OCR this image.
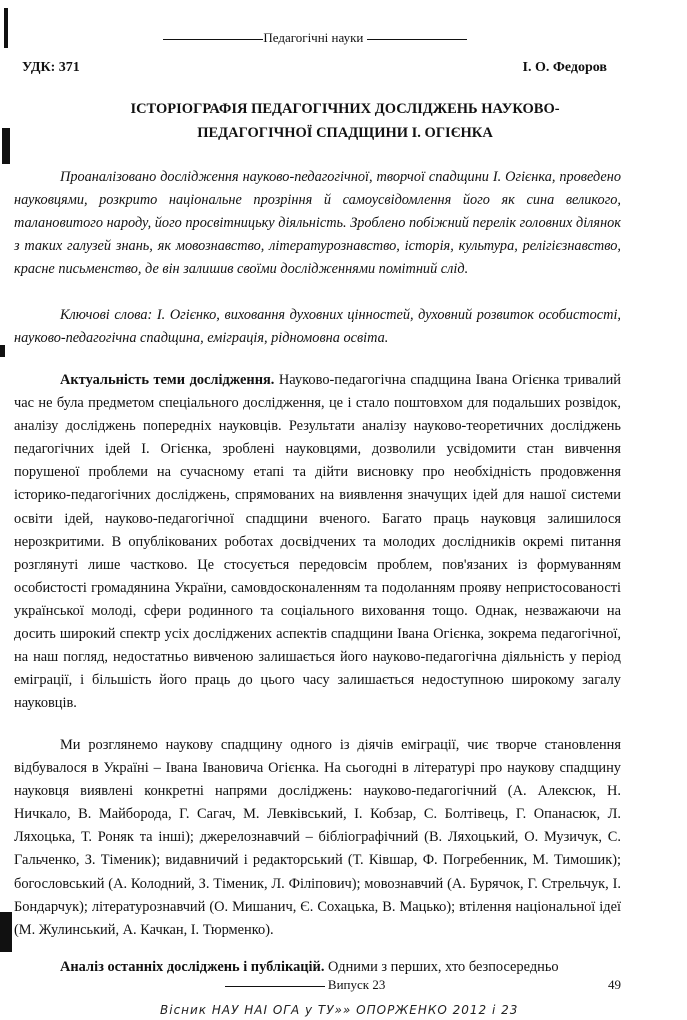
Педагогічні науки
УДК: 371	І. О. Федоров
ІСТОРІОГРАФІЯ ПЕДАГОГІЧНИХ ДОСЛІДЖЕНЬ НАУКОВО-
ПЕДАГОГІЧНОЇ СПАДЩИНИ І. ОГІЄНКА

Проаналізовано дослідження науково-педагогічної, творчої спадщини І. Огієнка, проведено науковцями, розкрито національне прозріння й самоусвідомлення його як сина великого, талановитого народу, його просвітницьку діяльність. Зроблено побіжний перелік головних ділянок з таких галузей знань, як мовознавство, літературознавство, історія, культура, релігієзнавство, красне письменство, де він залишив своїми дослідженнями помітний слід.

Ключові слова: І. Огієнко, виховання духовних цінностей, духовний розвиток особистості, науково-педагогічна спадщина, еміграція, рідномовна освіта.

Актуальність теми дослідження. Науково-педагогічна спадщина Івана Огієнка тривалий час не була предметом спеціального дослідження, це і стало поштовхом для подальших розвідок, аналізу досліджень попередніх науковців. Результати аналізу науково-теоретичних досліджень педагогічних ідей І. Огієнка, зроблені науковцями, дозволили усвідомити стан вивчення порушеної проблеми на сучасному етапі та дійти висновку про необхідність продовження історико-педагогічних досліджень, спрямованих на виявлення значущих ідей для нашої системи освіти ідей, науково-педагогічної спадщини вченого. Багато праць науковця залишилося нерозкритими. В опублікованих роботах досвідчених та молодих дослідників окремі питання розглянуті лише частково. Це стосується передовсім проблем, пов'язаних із формуванням особистості громадянина України, самовдосконаленням та подоланням прояву непристосованості української молоді, сфери родинного та соціального виховання тощо. Однак, незважаючи на досить широкий спектр усіх досліджених аспектів спадщини Івана Огієнка, зокрема педагогічної, на наш погляд, недостатньо вивченою залишається його науково-педагогічна діяльність у період еміграції, і більшість його праць до цього часу залишається недоступною широкому загалу науковців.

Ми розглянемо наукову спадщину одного із діячів еміграції, чиє творче становлення відбувалося в Україні – Івана Івановича Огієнка. На сьогодні в літературі про наукову спадщину науковця виявлені конкретні напрями досліджень: науково-педагогічний (А. Алексюк, Н. Ничкало, В. Майборода, Г. Сагач, М. Левківський, І. Кобзар, С. Болтівець, Г. Опанасюк, Л. Ляхоцька, Т. Роняк та інші); джерелознавчий – бібліографічний (В. Ляхоцький, О. Музичук, С. Гальченко, З. Тіменик); видавничий і редакторський (Т. Ківшар, Ф. Погребенник, М. Тимошик); богословський (А. Колодний, З. Тіменик, Л. Філіпович); мовознавчий (А. Бурячок, Г. Стрельчук, І. Бондарчук); літературознавчий (О. Мишанич, Є. Сохацька, В. Мацько); втілення національної ідеї (М. Жулинський, А. Качкан, І. Тюрменко).

Аналіз останніх досліджень і публікацій. Одними з перших, хто безпосередньо

Випуск 23	49
Вісник НАУ НАІ ОГА у ТУ»» ОПОРЖЕНКО 2012 і 23
